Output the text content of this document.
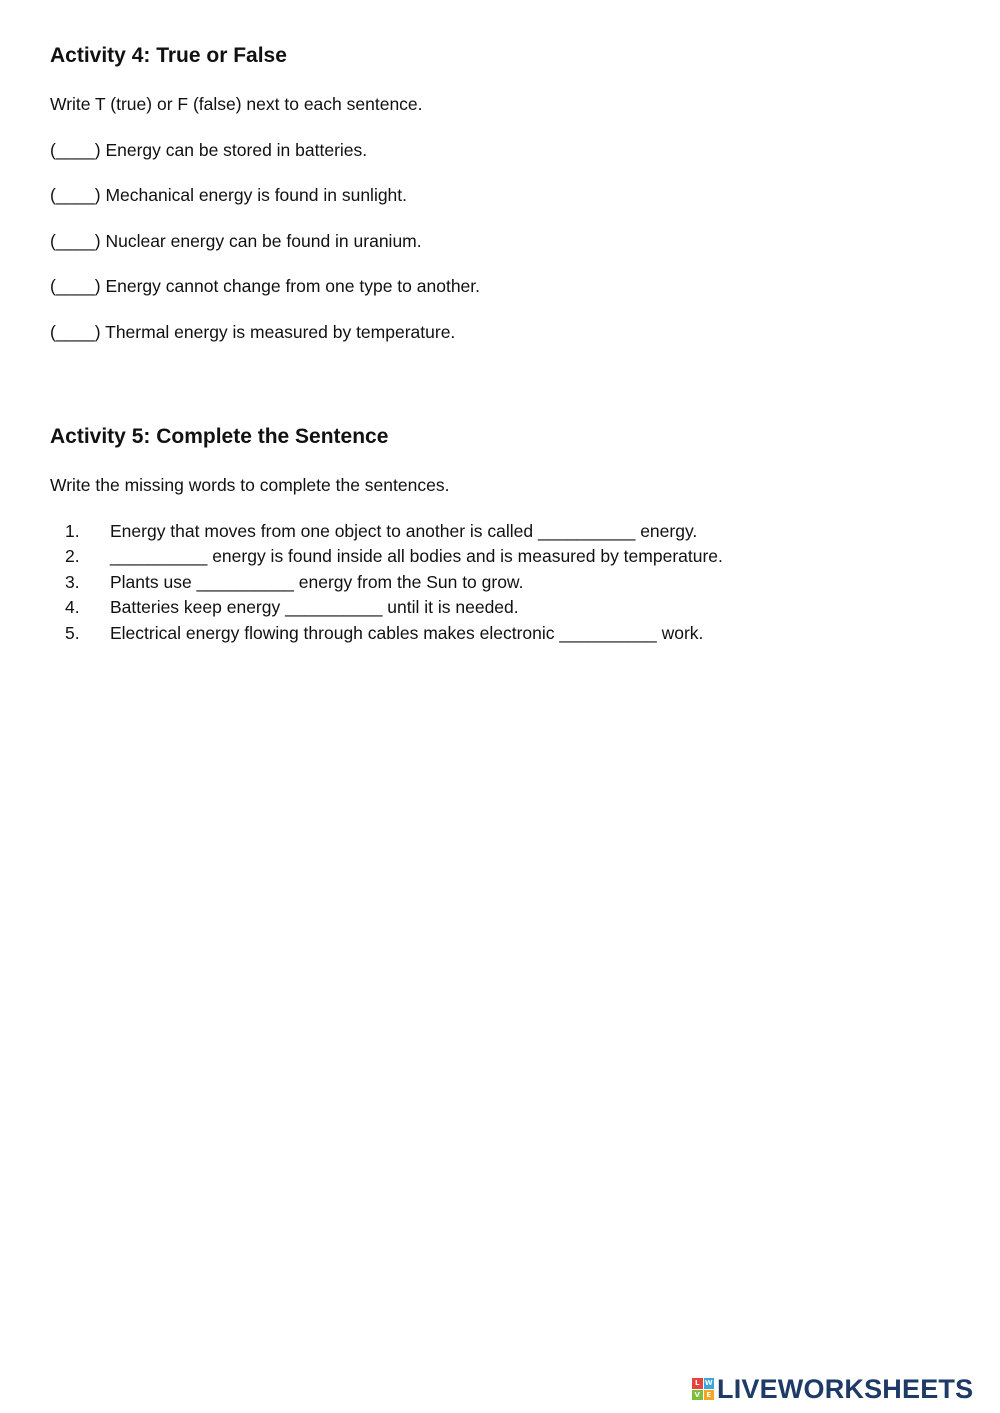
Activity 4: True or False

Write T (true) or F (false) next to each sentence.

(____) Energy can be stored in batteries.

(____) Mechanical energy is found in sunlight.

(____) Nuclear energy can be found in uranium.

(____) Energy cannot change from one type to another.

(____) Thermal energy is measured by temperature.

Activity 5: Complete the Sentence

Write the missing words to complete the sentences.

1. Energy that moves from one object to another is called __________ energy.
2. __________ energy is found inside all bodies and is measured by temperature.
3. Plants use __________ energy from the Sun to grow.
4. Batteries keep energy __________ until it is needed.
5. Electrical energy flowing through cables makes electronic __________ work.
L W
V E LIVEWORKSHEETS
